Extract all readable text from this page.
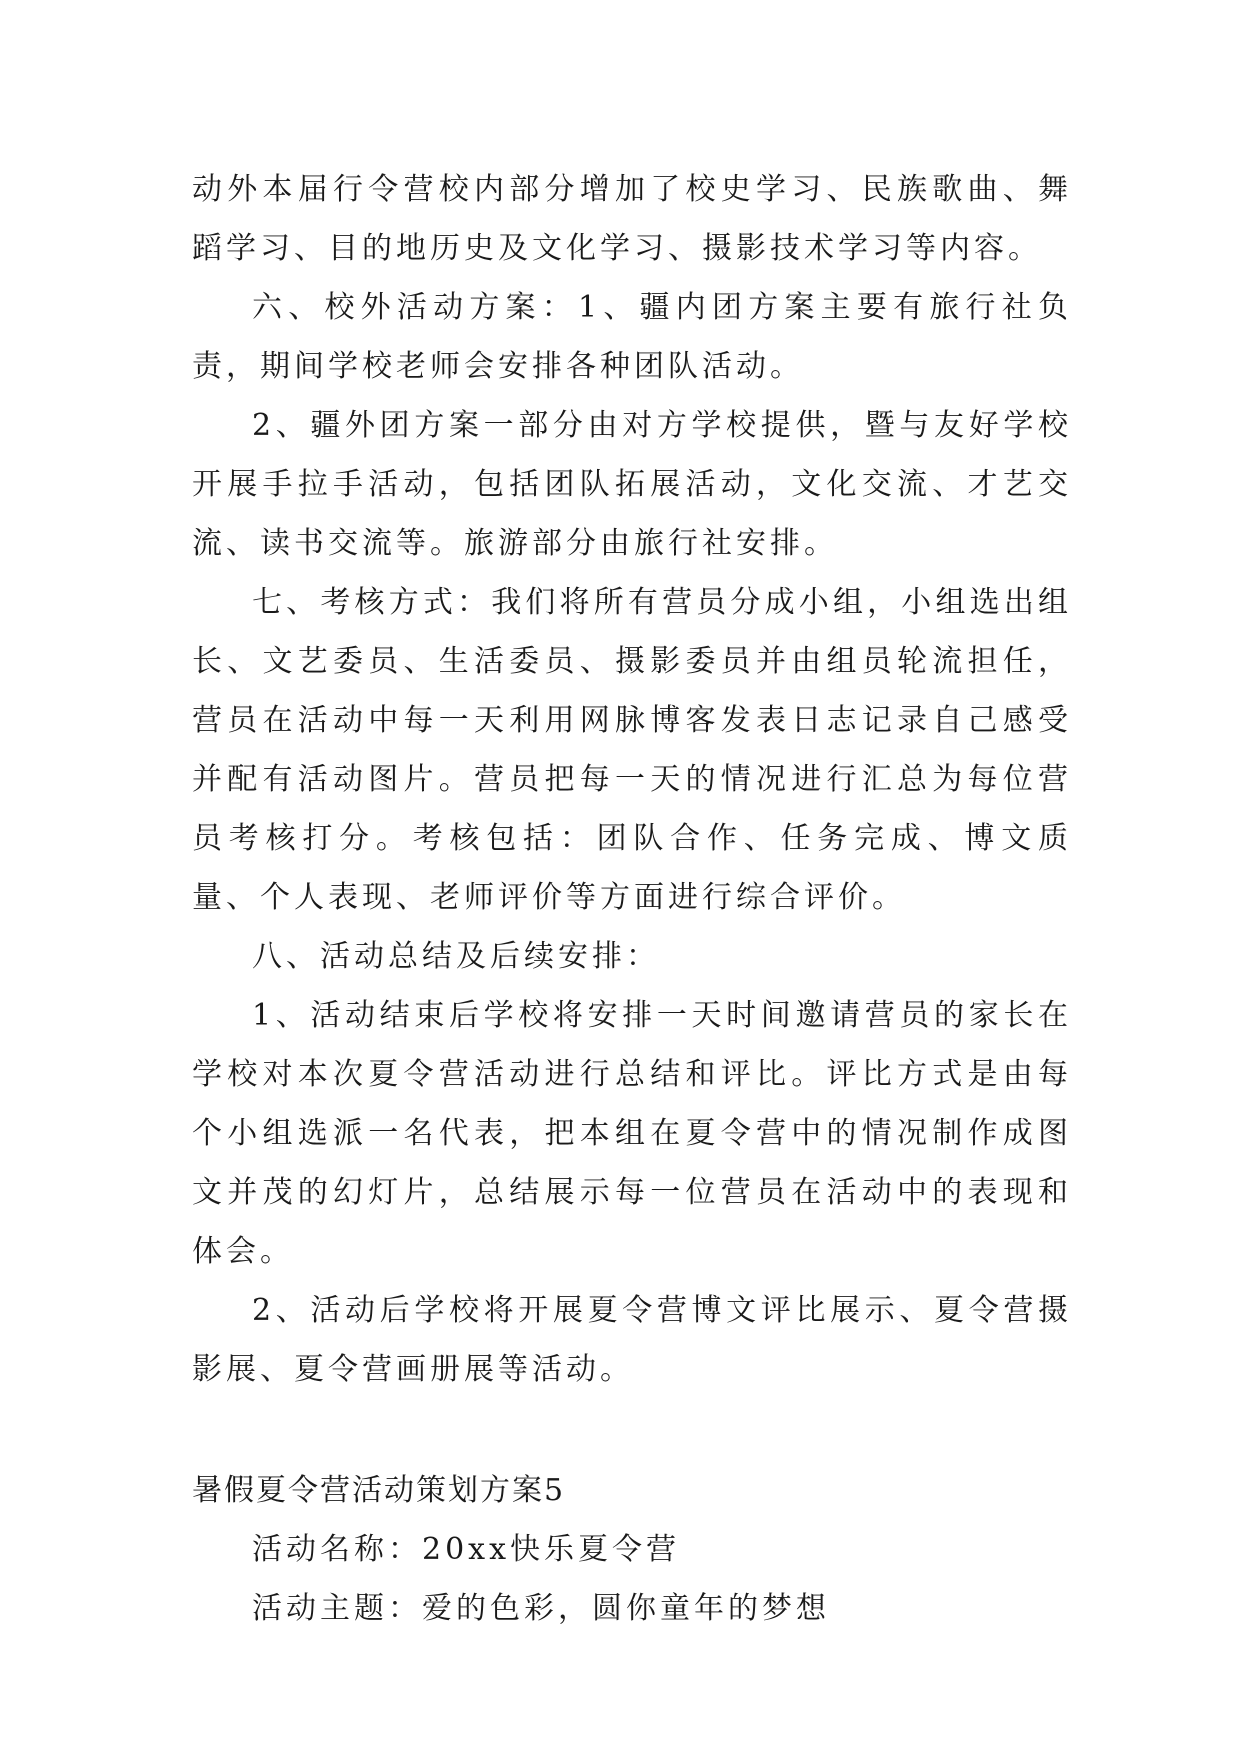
动外本届行令营校内部分增加了校史学习、民族歌曲、舞蹈学习、目的地历史及文化学习、摄影技术学习等内容。

六、校外活动方案：1、疆内团方案主要有旅行社负责，期间学校老师会安排各种团队活动。

2、疆外团方案一部分由对方学校提供，暨与友好学校开展手拉手活动，包括团队拓展活动，文化交流、才艺交流、读书交流等。旅游部分由旅行社安排。

七、考核方式：我们将所有营员分成小组，小组选出组长、文艺委员、生活委员、摄影委员并由组员轮流担任，营员在活动中每一天利用网脉博客发表日志记录自己感受并配有活动图片。营员把每一天的情况进行汇总为每位营员考核打分。考核包括：团队合作、任务完成、博文质量、个人表现、老师评价等方面进行综合评价。

八、活动总结及后续安排：

1、活动结束后学校将安排一天时间邀请营员的家长在学校对本次夏令营活动进行总结和评比。评比方式是由每个小组选派一名代表，把本组在夏令营中的情况制作成图文并茂的幻灯片，总结展示每一位营员在活动中的表现和体会。

2、活动后学校将开展夏令营博文评比展示、夏令营摄影展、夏令营画册展等活动。

暑假夏令营活动策划方案5

活动名称：20xx快乐夏令营

活动主题：爱的色彩，圆你童年的梦想
